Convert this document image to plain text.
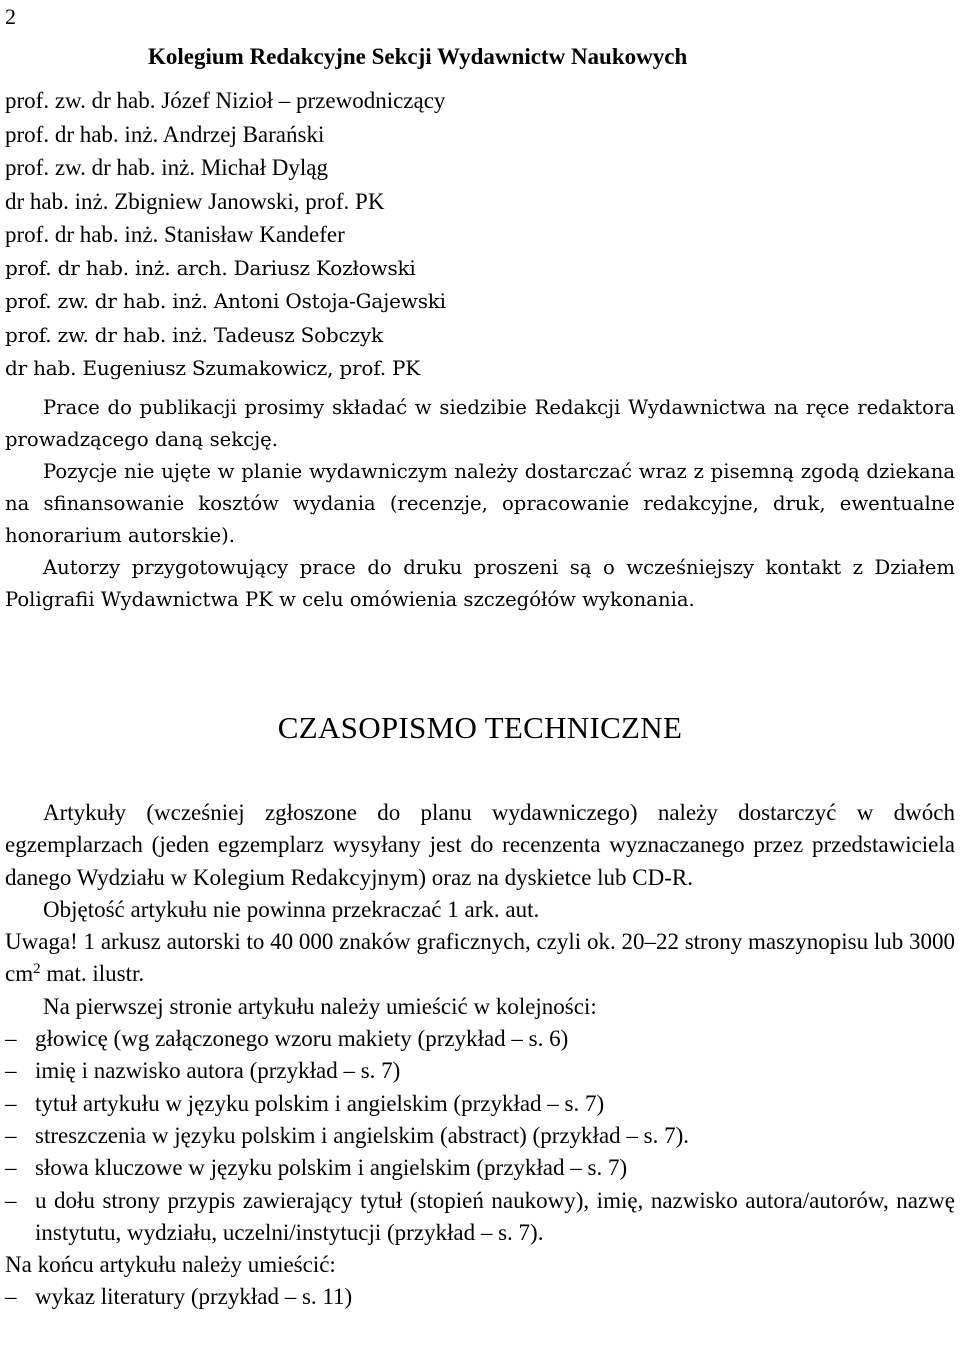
2
Kolegium Redakcyjne Sekcji Wydawnictw Naukowych
prof. zw. dr hab. Józef Nizioł – przewodniczący
prof. dr hab. inż. Andrzej Barański
prof. zw. dr hab. inż. Michał Dyląg
dr hab. inż. Zbigniew Janowski, prof. PK
prof. dr hab. inż. Stanisław Kandefer
prof. dr hab. inż. arch. Dariusz Kozłowski
prof. zw. dr hab. inż. Antoni Ostoja-Gajewski
prof. zw. dr hab. inż. Tadeusz Sobczyk
dr hab. Eugeniusz Szumakowicz, prof. PK

Prace do publikacji prosimy składać w siedzibie Redakcji Wydawnictwa na ręce redaktora prowadzącego daną sekcję.

Pozycje nie ujęte w planie wydawniczym należy dostarczać wraz z pisemną zgodą dziekana na sfinansowanie kosztów wydania (recenzje, opracowanie redakcyjne, druk, ewentualne honorarium autorskie).

Autorzy przygotowujący prace do druku proszeni są o wcześniejszy kontakt z Działem Poligrafii Wydawnictwa PK w celu omówienia szczegółów wykonania.

CZASOPISMO TECHNICZNE

Artykuły (wcześniej zgłoszone do planu wydawniczego) należy dostarczyć w dwóch egzemplarzach (jeden egzemplarz wysyłany jest do recenzenta wyznaczanego przez przedstawiciela danego Wydziału w Kolegium Redakcyjnym) oraz na dyskietce lub CD-R.

Objętość artykułu nie powinna przekraczać 1 ark. aut.

Uwaga! 1 arkusz autorski to 40 000 znaków graficznych, czyli ok. 20–22 strony maszynopisu lub 3000 $cm^2$ mat. ilustr.

Na pierwszej stronie artykułu należy umieścić w kolejności:

– głowicę (wg załączonego wzoru makiety (przykład – s. 6)
– imię i nazwisko autora (przykład – s. 7)
– tytuł artykułu w języku polskim i angielskim (przykład – s. 7)
– streszczenia w języku polskim i angielskim (abstract) (przykład – s. 7).
– słowa kluczowe w języku polskim i angielskim (przykład – s. 7)
– u dołu strony przypis zawierający tytuł (stopień naukowy), imię, nazwisko autora/autorów, nazwę instytutu, wydziału, uczelni/instytucji (przykład – s. 7).

Na końcu artykułu należy umieścić:

– wykaz literatury (przykład – s. 11)
